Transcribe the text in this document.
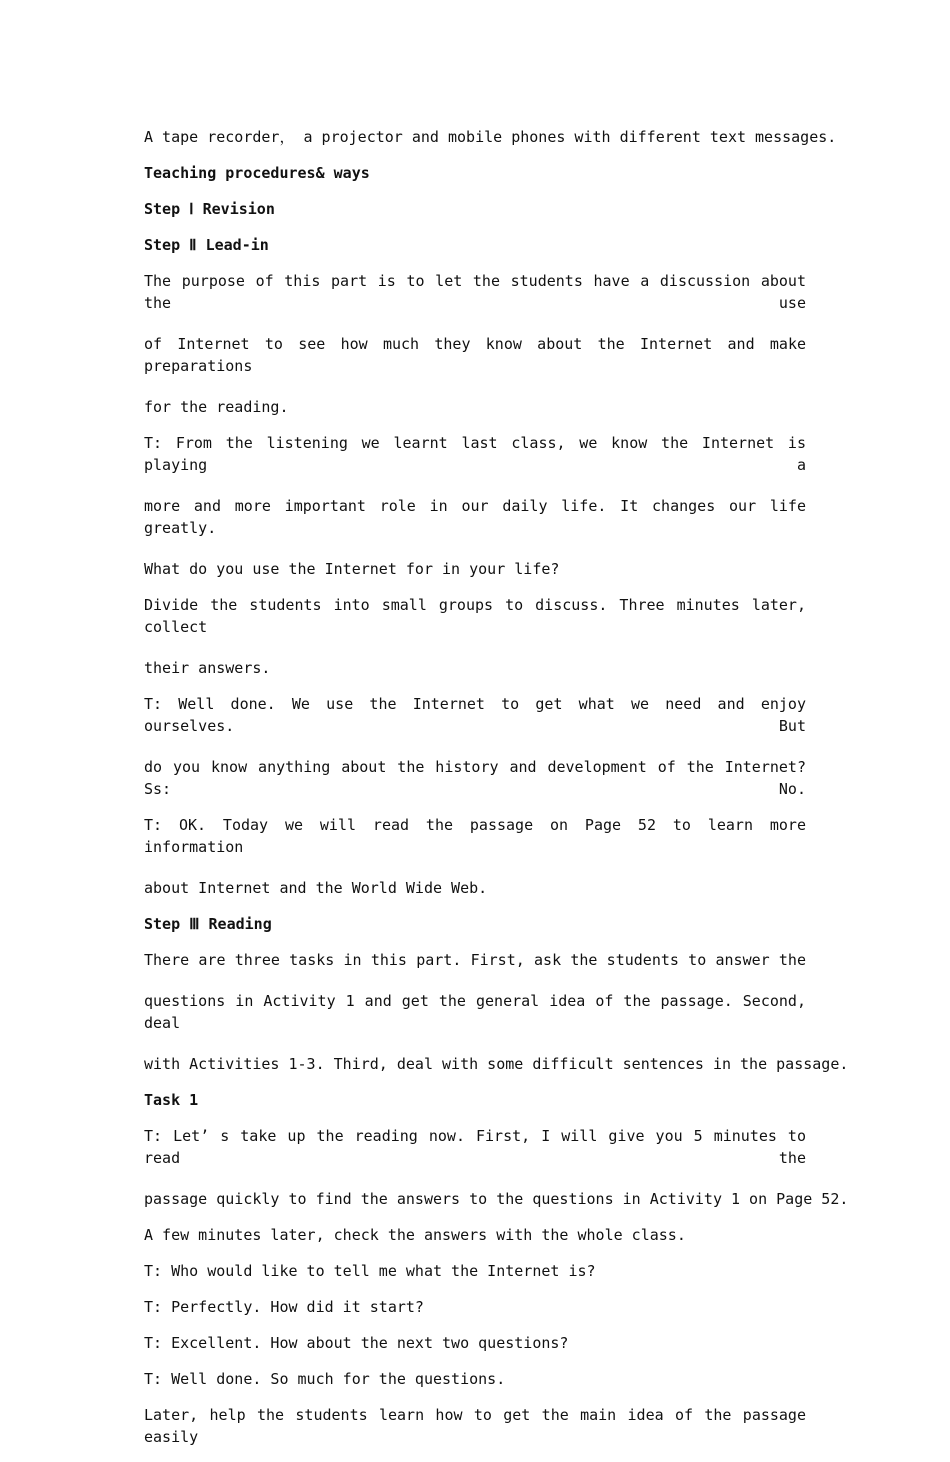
A tape recorder， a projector and mobile phones with different text messages.

Teaching procedures& ways

Step Ⅰ Revision

Step Ⅱ Lead-in

The purpose of this part is to let the students have a discussion about the use

of Internet to see how much they know about the Internet and make preparations

for the reading.

T: From the listening we learnt last class, we know the Internet is playing a

more and more important role in our daily life. It changes our life greatly.

What do you use the Internet for in your life?

Divide the students into small groups to discuss. Three minutes later, collect

their answers.

T: Well done. We use the Internet to get what we need and enjoy ourselves. But

do you know anything about the history and development of the Internet? Ss: No.

T: OK. Today we will read the passage on Page 52 to learn more information

about Internet and the World Wide Web.

Step Ⅲ Reading

There are three tasks in this part. First, ask the students to answer the

questions in Activity 1 and get the general idea of the passage. Second, deal

with Activities 1-3. Third, deal with some difficult sentences in the passage.

Task 1

T: Let’ s take up the reading now. First, I will give you 5 minutes to read the

passage quickly to find the answers to the questions in Activity 1 on Page 52.

A few minutes later, check the answers with the whole class.

T: Who would like to tell me what the Internet is?

T: Perfectly. How did it start?

T: Excellent. How about the next two questions?

T: Well done. So much for the questions.

Later, help the students learn how to get the main idea of the passage easily
